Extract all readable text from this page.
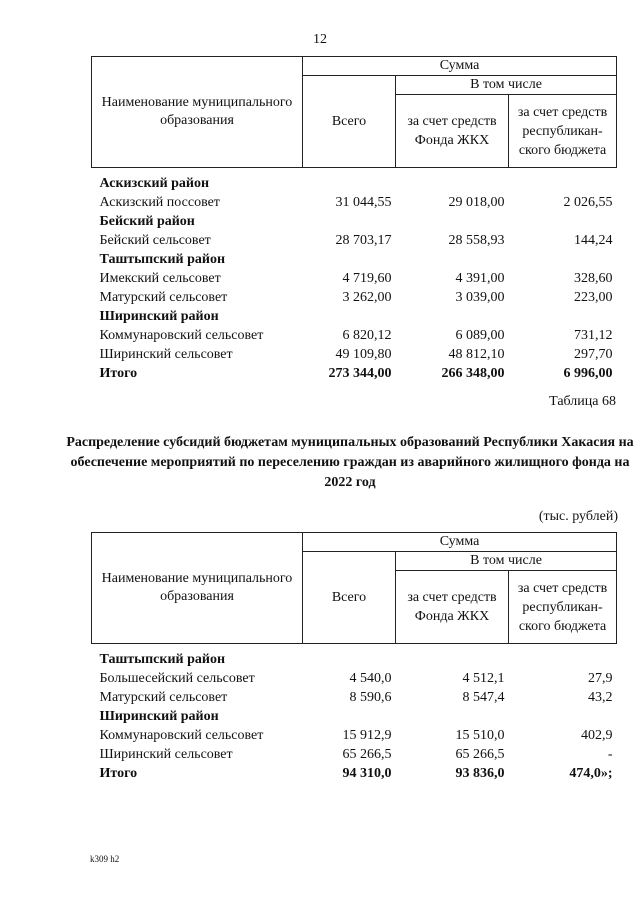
12
Наименование муниципального образования	Сумма		
	Всего	В том числе	
		за счет средств Фонда ЖКХ	за счет средств республикан-ского бюджета

Аскизский район			
Аскизский поссовет	31 044,55	29 018,00	2 026,55
Бейский район			
Бейский сельсовет	28 703,17	28 558,93	144,24
Таштыпский район			
Имекский сельсовет	4 719,60	4 391,00	328,60
Матурский сельсовет	3 262,00	3 039,00	223,00
Ширинский район			
Коммунаровский сельсовет	6 820,12	6 089,00	731,12
Ширинский сельсовет	49 109,80	48 812,10	297,70
Итого	273 344,00	266 348,00	6 996,00
Таблица 68
Распределение субсидий бюджетам муниципальных образований Республики Хакасия на обеспечение мероприятий по переселению граждан из аварийного жилищного фонда на 2022 год
(тыс. рублей)
Наименование муниципального образования	Сумма		
	Всего	В том числе	
		за счет средств Фонда ЖКХ	за счет средств республикан-ского бюджета

Таштыпский район			
Большесейский сельсовет	4 540,0	4 512,1	27,9
Матурский сельсовет	8 590,6	8 547,4	43,2
Ширинский район			
Коммунаровский сельсовет	15 912,9	15 510,0	402,9
Ширинский сельсовет	65 266,5	65 266,5	-
Итого	94 310,0	93 836,0	474,0»;
k309 h2
